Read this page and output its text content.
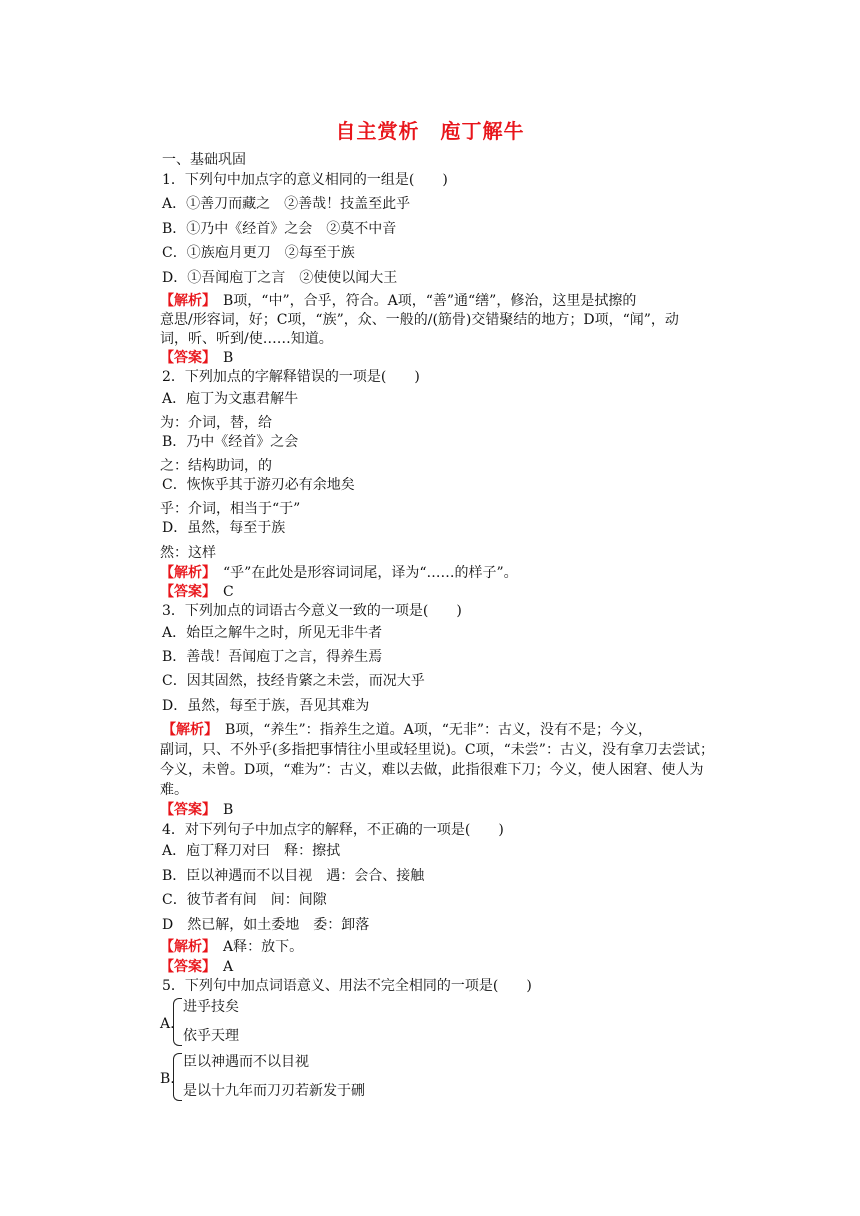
自主赏析　庖丁解牛
一、基础巩固
1．下列句中加点字的意义相同的一组是(　　)
A．①善刀而藏之　②善哉！技盖至此乎
B．①乃中《经首》之会　②莫不中音
C．①族庖月更刀　②每至于族
D．①吾闻庖丁之言　②使使以闻大王
【解析】　B项，“中”，合乎，符合。A项，“善”通“缮”，修治，这里是拭擦的
意思/形容词，好；C项，“族”，众、一般的/(筋骨)交错聚结的地方；D项，“闻”，动
词，听、听到/使……知道。
【答案】　B
2．下列加点的字解释错误的一项是(　　)
A．庖丁为文惠君解牛
为：介词，替，给
B．乃中《经首》之会
之：结构助词，的
C．恢恢乎其于游刃必有余地矣
乎：介词，相当于“于”
D．虽然，每至于族
然：这样
【解析】　“乎”在此处是形容词词尾，译为“……的样子”。
【答案】　C
3．下列加点的词语古今意义一致的一项是(　　)
A．始臣之解牛之时，所见无非牛者
B．善哉！吾闻庖丁之言，得养生焉
C．因其固然，技经肯綮之未尝，而况大乎
D．虽然，每至于族，吾见其难为
【解析】　B项，“养生”：指养生之道。A项，“无非”：古义，没有不是；今义，
副词，只、不外乎(多指把事情往小里或轻里说)。C项，“未尝”：古义，没有拿刀去尝试；
今义，未曾。D项，“难为”：古义，难以去做，此指很难下刀；今义，使人困窘、使人为
难。
【答案】　B
4．对下列句子中加点字的解释，不正确的一项是(　　)
A．庖丁释刀对曰　释：擦拭
B．臣以神遇而不以目视　遇：会合、接触
C．彼节者有间　间：间隙
D　然已解，如土委地　委：卸落
【解析】　A释：放下。
【答案】　A
5．下列句中加点词语意义、用法不完全相同的一项是(　　)
A.
进乎技矣
依乎天理
B.
臣以神遇而不以目视
是以十九年而刀刃若新发于硎
